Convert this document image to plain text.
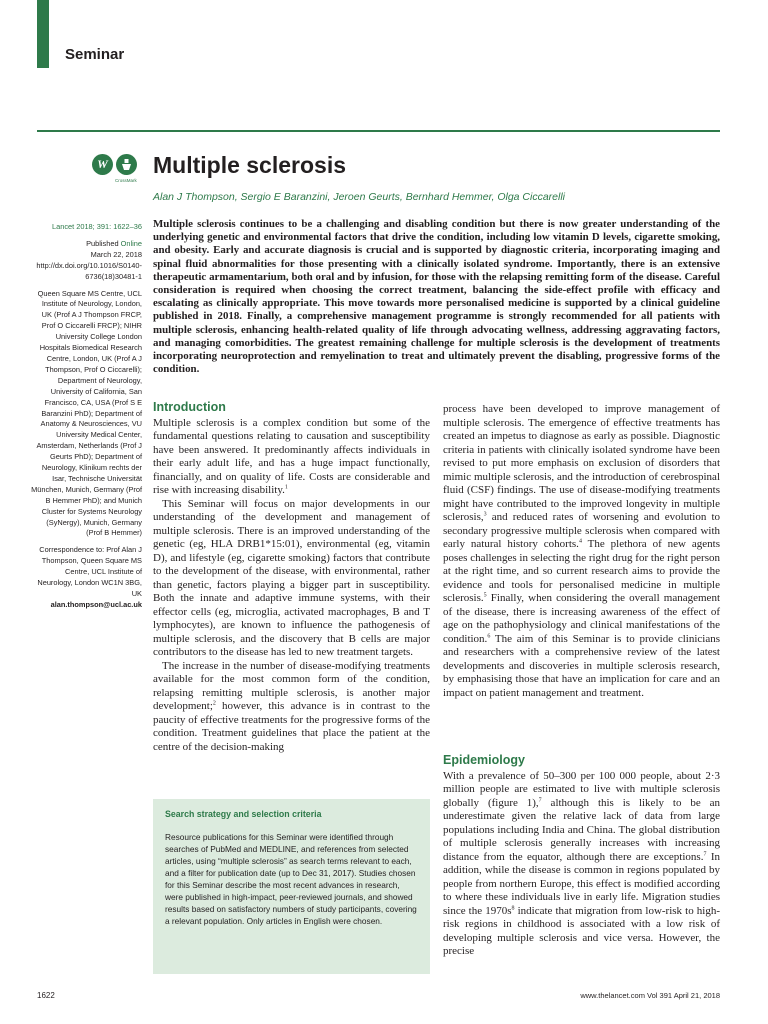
Seminar
W
CrossMark
Multiple sclerosis
Alan J Thompson, Sergio E Baranzini, Jeroen Geurts, Bernhard Hemmer, Olga Ciccarelli

Multiple sclerosis continues to be a challenging and disabling condition but there is now greater understanding of the underlying genetic and environmental factors that drive the condition, including low vitamin D levels, cigarette smoking, and obesity. Early and accurate diagnosis is crucial and is supported by diagnostic criteria, incorporating imaging and spinal fluid abnormalities for those presenting with a clinically isolated syndrome. Importantly, there is an extensive therapeutic armamentarium, both oral and by infusion, for those with the relapsing remitting form of the disease. Careful consideration is required when choosing the correct treatment, balancing the side-effect profile with efficacy and escalating as clinically appropriate. This move towards more personalised medicine is supported by a clinical guideline published in 2018. Finally, a comprehensive management programme is strongly recommended for all patients with multiple sclerosis, enhancing health-related quality of life through advocating wellness, addressing aggravating factors, and managing comorbidities. The greatest remaining challenge for multiple sclerosis is the development of treatments incorporating neuroprotection and remyelination to treat and ultimately prevent the disabling, progressive forms of the condition.

Lancet 2018; 391: 1622–36

Published Online
March 22, 2018
http://dx.doi.org/10.1016/S0140-6736(18)30481-1

Queen Square MS Centre, UCL Institute of Neurology, London, UK (Prof A J Thompson FRCP, Prof O Ciccarelli FRCP); NIHR University College London Hospitals Biomedical Research Centre, London, UK (Prof A J Thompson, Prof O Ciccarelli); Department of Neurology, University of California, San Francisco, CA, USA (Prof S E Baranzini PhD); Department of Anatomy & Neurosciences, VU University Medical Center, Amsterdam, Netherlands (Prof J Geurts PhD); Department of Neurology, Klinikum rechts der Isar, Technische Universität München, Munich, Germany (Prof B Hemmer PhD); and Munich Cluster for Systems Neurology (SyNergy), Munich, Germany (Prof B Hemmer)

Correspondence to: Prof Alan J Thompson, Queen Square MS Centre, UCL Institute of Neurology, London WC1N 3BG, UK
alan.thompson@ucl.ac.uk

Introduction

Multiple sclerosis is a complex condition but some of the fundamental questions relating to causation and susceptibility have been answered. It predominantly affects individuals in their early adult life, and has a huge impact functionally, financially, and on quality of life. Costs are considerable and rise with increasing disability.$^1$

This Seminar will focus on major developments in our understanding of the development and management of multiple sclerosis. There is an improved understanding of the genetic (eg, HLA DRB1*15:01), environmental (eg, vitamin D), and lifestyle (eg, cigarette smoking) factors that contribute to the development of the disease, with environmental, rather than genetic, factors playing a bigger part in susceptibility. Both the innate and adaptive immune systems, with their effector cells (eg, microglia, activated macrophages, B and T lymphocytes), are known to influence the pathogenesis of multiple sclerosis, and the discovery that B cells are major contributors to the disease has led to new treatment targets.

The increase in the number of disease-modifying treatments available for the most common form of the condition, relapsing remitting multiple sclerosis, is another major development;$^2$ however, this advance is in contrast to the paucity of effective treatments for the progressive forms of the condition. Treatment guidelines that place the patient at the centre of the decision-making

process have been developed to improve management of multiple sclerosis. The emergence of effective treatments has created an impetus to diagnose as early as possible. Diagnostic criteria in patients with clinically isolated syndrome have been revised to put more emphasis on exclusion of disorders that mimic multiple sclerosis, and the introduction of cerebrospinal fluid (CSF) findings. The use of disease-modifying treatments might have contributed to the improved longevity in multiple sclerosis,$^3$ and reduced rates of worsening and evolution to secondary progressive multiple sclerosis when compared with early natural history cohorts.$^4$ The plethora of new agents poses challenges in selecting the right drug for the right person at the right time, and so current research aims to provide the evidence and tools for personalised medicine in multiple sclerosis.$^5$ Finally, when considering the overall management of the disease, there is increasing awareness of the effect of age on the pathophysiology and clinical manifestations of the condition.$^6$ The aim of this Seminar is to provide clinicians and researchers with a comprehensive review of the latest developments and discoveries in multiple sclerosis research, by emphasising those that have an implication for care and an impact on patient management and treatment.

Epidemiology

With a prevalence of 50–300 per 100 000 people, about 2·3 million people are estimated to live with multiple sclerosis globally (figure 1),$^7$ although this is likely to be an underestimate given the relative lack of data from large populations including India and China. The global distribution of multiple sclerosis generally increases with increasing distance from the equator, although there are exceptions.$^7$ In addition, while the disease is common in regions populated by people from northern Europe, this effect is modified according to where these individuals live in early life. Migration studies since the $1970s^8$ indicate that migration from low-risk to high-risk regions in childhood is associated with a low risk of developing multiple sclerosis and vice versa. However, the precise

Search strategy and selection criteria

Resource publications for this Seminar were identified through searches of PubMed and MEDLINE, and references from selected articles, using “multiple sclerosis” as search terms relevant to each, and a filter for publication date (up to Dec 31, 2017). Studies chosen for this Seminar describe the most recent advances in research, were published in high-impact, peer-reviewed journals, and showed results based on satisfactory numbers of study participants, covering a relevant population. Only articles in English were chosen.

1622	www.thelancet.com Vol 391 April 21, 2018
